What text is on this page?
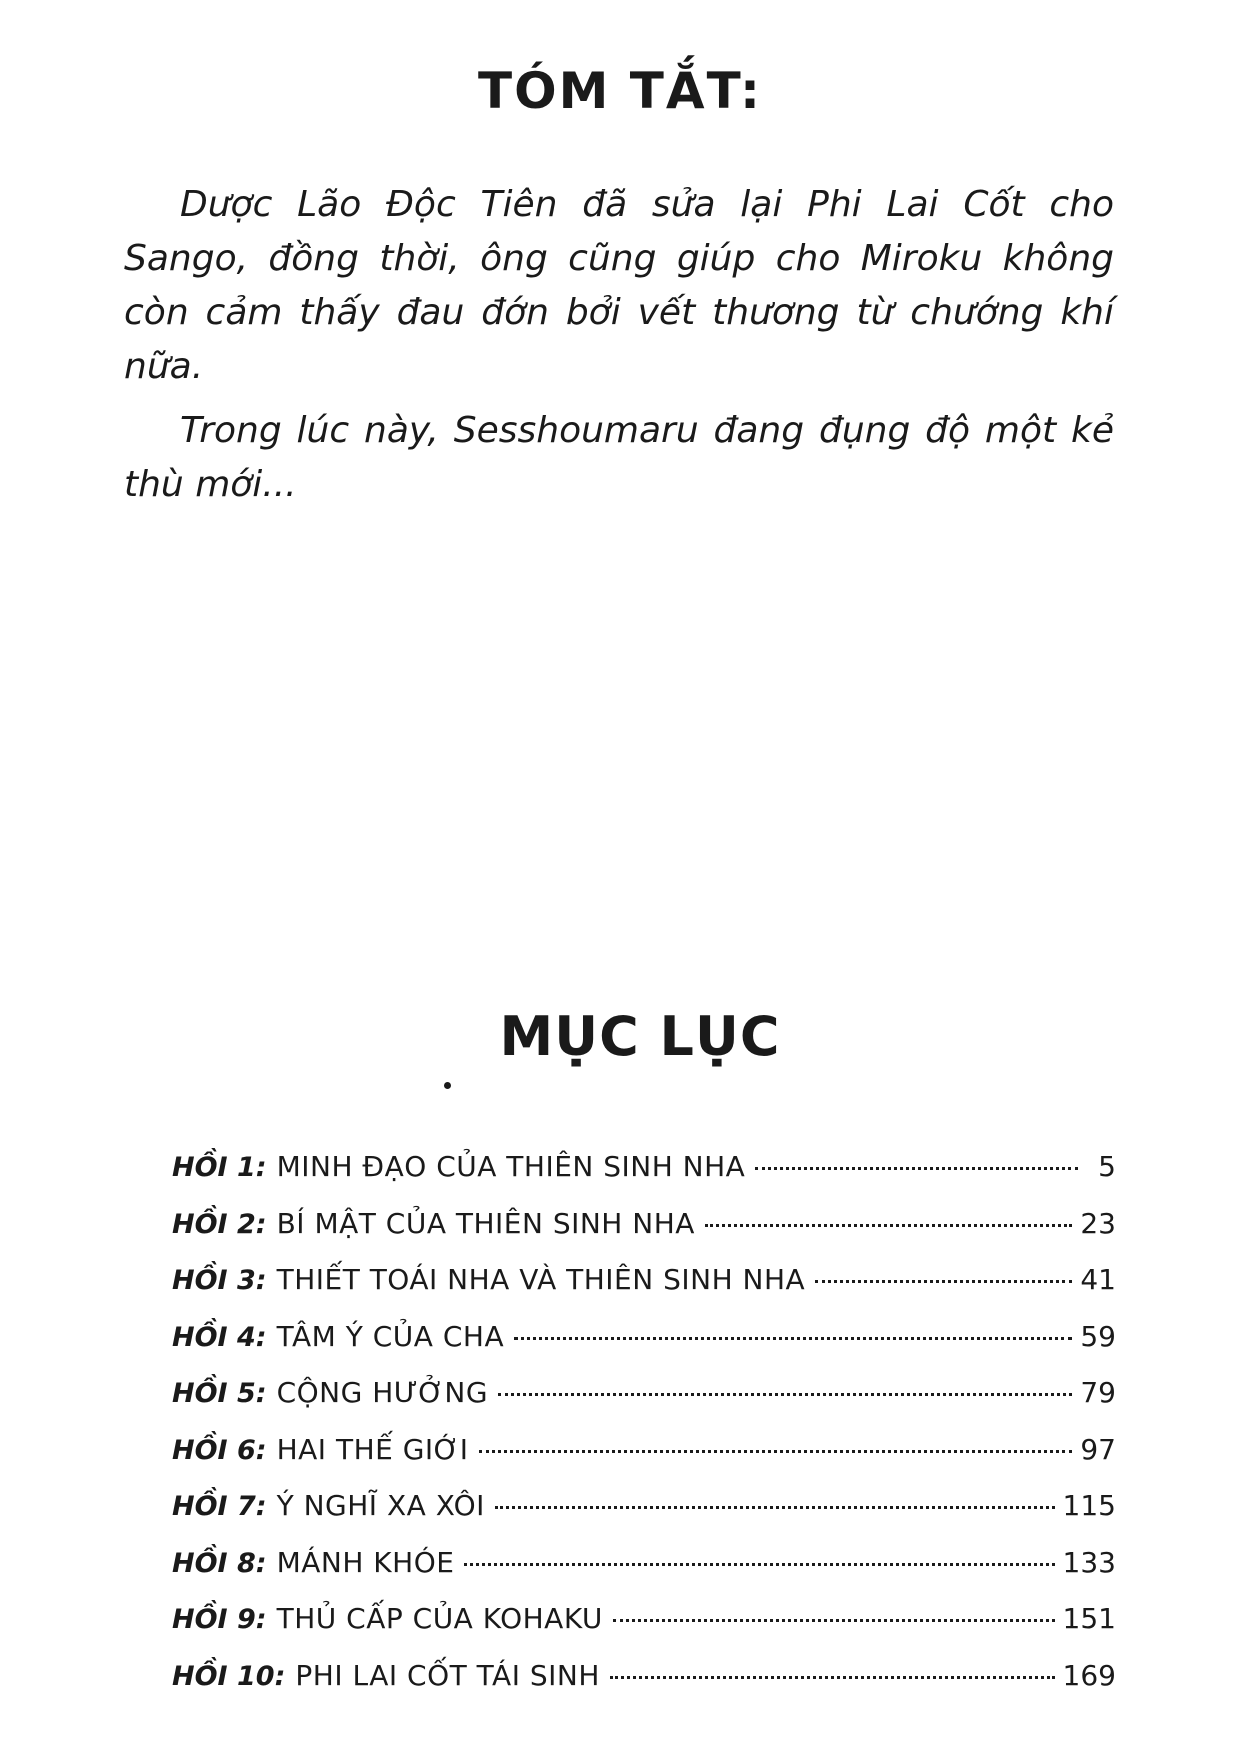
TÓM TẮT:

Dược Lão Độc Tiên đã sửa lại Phi Lai Cốt cho Sango, đồng thời, ông cũng giúp cho Miroku không còn cảm thấy đau đớn bởi vết thương từ chướng khí nữa.

Trong lúc này, Sesshoumaru đang đụng độ một kẻ thù mới...

MỤC LỤC
HỒI 1: MINH ĐẠO CỦA THIÊN SINH NHA	5
HỒI 2: BÍ MẬT CỦA THIÊN SINH NHA	23
HỒI 3: THIẾT TOÁI NHA VÀ THIÊN SINH NHA	41
HỒI 4: TÂM Ý CỦA CHA	59
HỒI 5: CỘNG HƯỞNG	79
HỒI 6: HAI THẾ GIỚI	97
HỒI 7: Ý NGHĨ XA XÔI	115
HỒI 8: MÁNH KHÓE	133
HỒI 9: THỦ CẤP CỦA KOHAKU	151
HỒI 10: PHI LAI CỐT TÁI SINH	169
